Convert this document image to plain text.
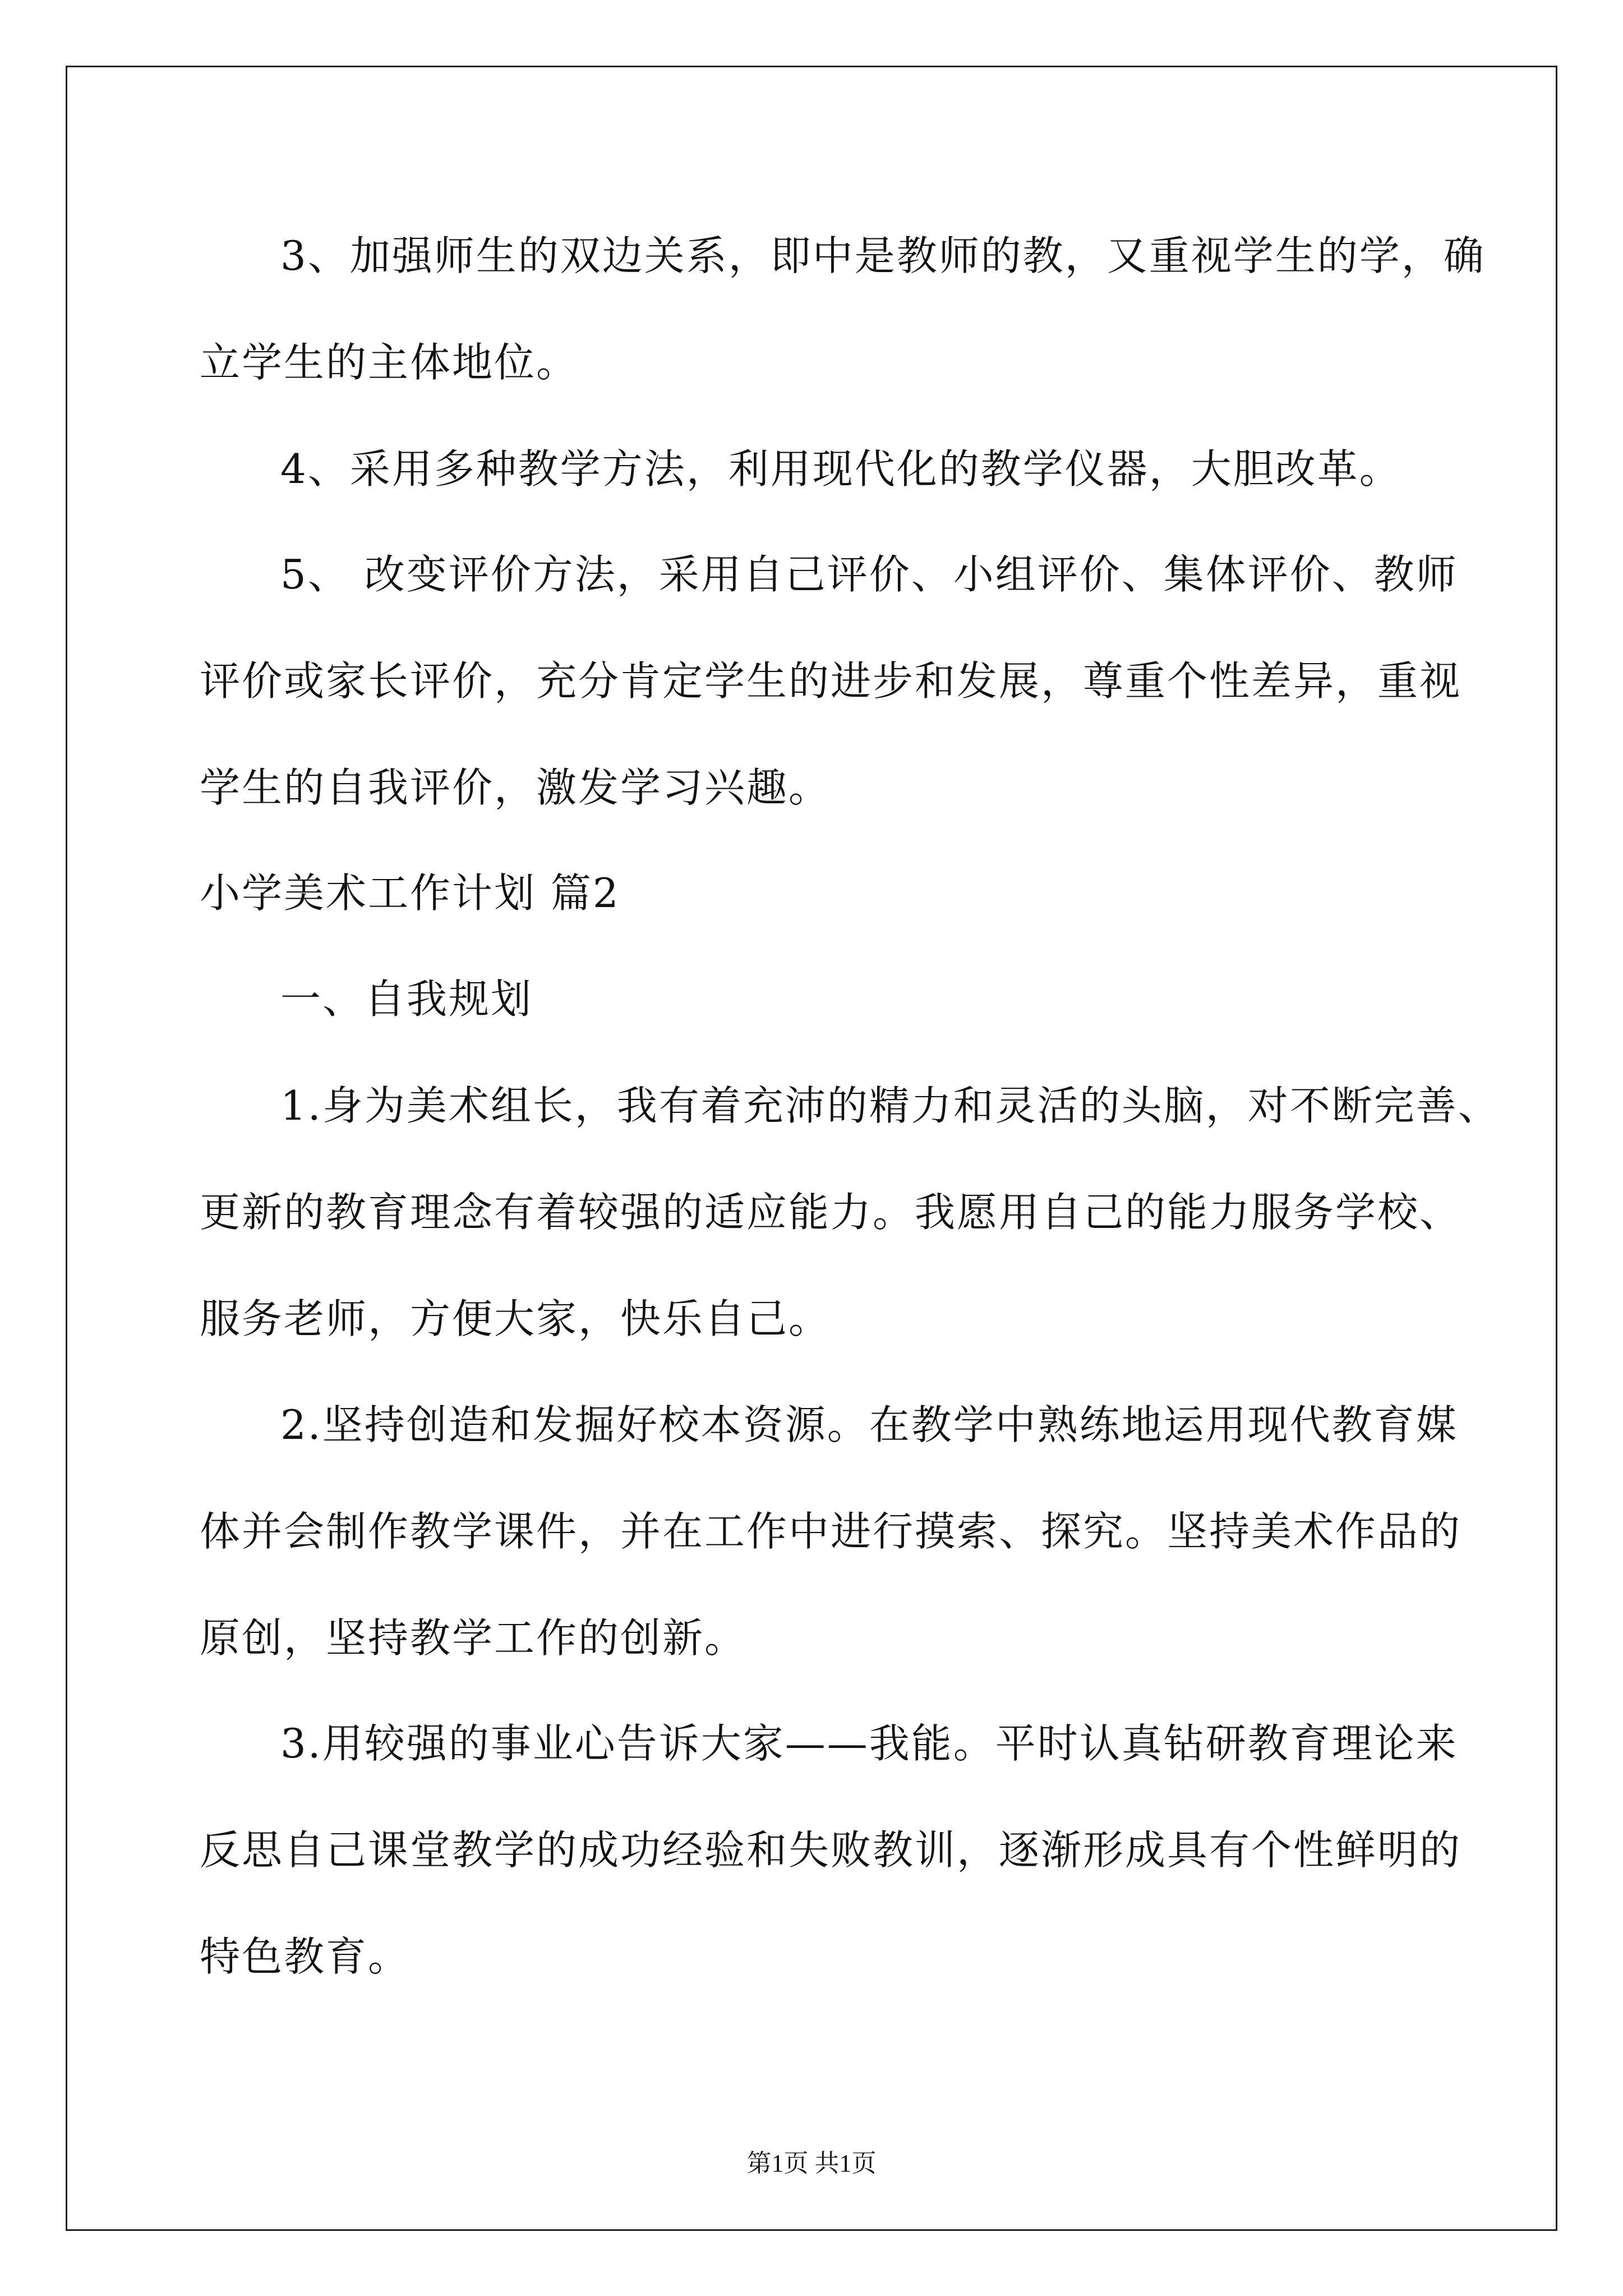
3、加强师生的双边关系，即中是教师的教，又重视学生的学，确
立学生的主体地位。
4、采用多种教学方法，利用现代化的教学仪器，大胆改革。
5、 改变评价方法，采用自己评价、小组评价、集体评价、教师
评价或家长评价，充分肯定学生的进步和发展，尊重个性差异，重视
学生的自我评价，激发学习兴趣。
小学美术工作计划 篇2
一、自我规划
1.身为美术组长，我有着充沛的精力和灵活的头脑，对不断完善、
更新的教育理念有着较强的适应能力。我愿用自己的能力服务学校、
服务老师，方便大家，快乐自己。
2.坚持创造和发掘好校本资源。在教学中熟练地运用现代教育媒
体并会制作教学课件，并在工作中进行摸索、探究。坚持美术作品的
原创，坚持教学工作的创新。
3.用较强的事业心告诉大家——我能。平时认真钻研教育理论来
反思自己课堂教学的成功经验和失败教训，逐渐形成具有个性鲜明的
特色教育。
第1页 共1页
